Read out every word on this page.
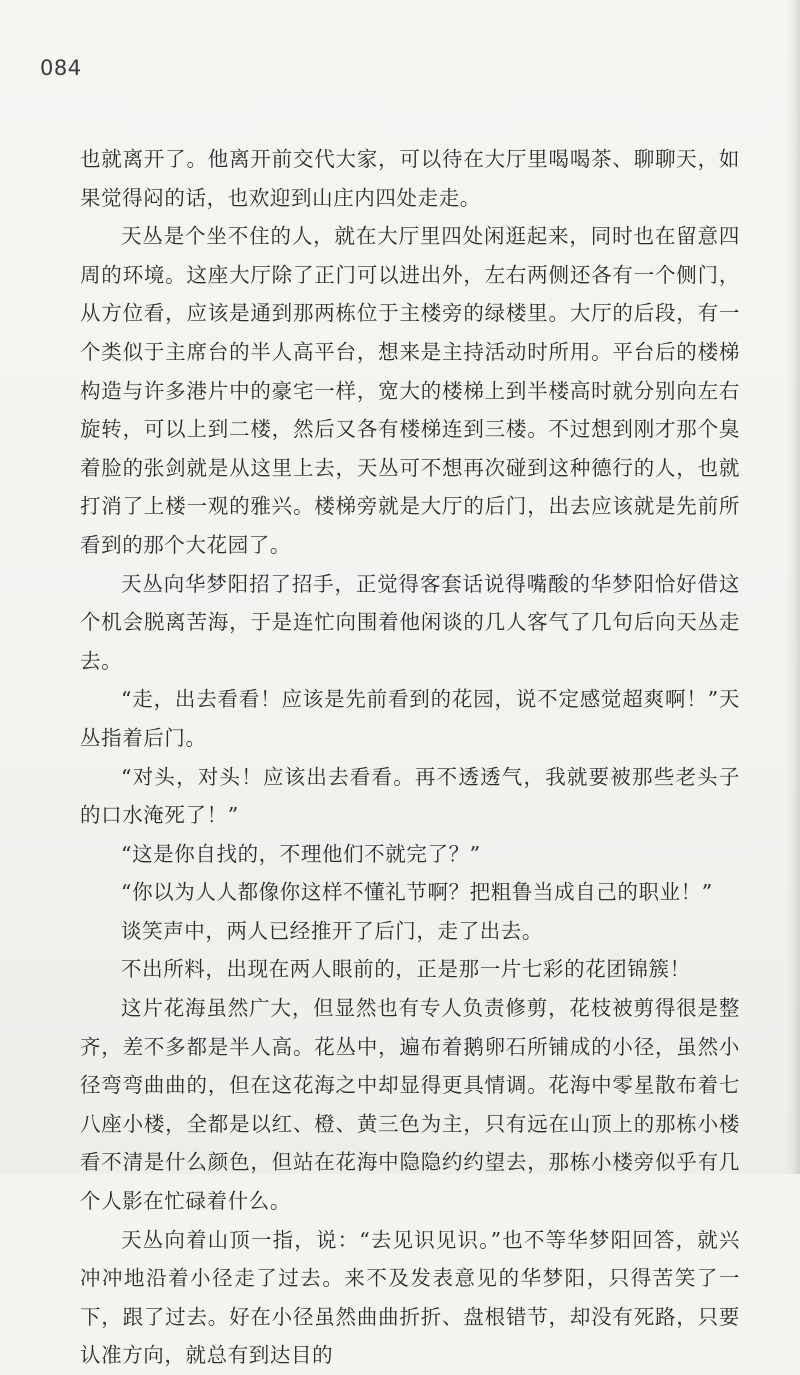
084

也就离开了。他离开前交代大家，可以待在大厅里喝喝茶、聊聊天，如果觉得闷的话，也欢迎到山庄内四处走走。

天丛是个坐不住的人，就在大厅里四处闲逛起来，同时也在留意四周的环境。这座大厅除了正门可以进出外，左右两侧还各有一个侧门，从方位看，应该是通到那两栋位于主楼旁的绿楼里。大厅的后段，有一个类似于主席台的半人高平台，想来是主持活动时所用。平台后的楼梯构造与许多港片中的豪宅一样，宽大的楼梯上到半楼高时就分别向左右旋转，可以上到二楼，然后又各有楼梯连到三楼。不过想到刚才那个臭着脸的张剑就是从这里上去，天丛可不想再次碰到这种德行的人，也就打消了上楼一观的雅兴。楼梯旁就是大厅的后门，出去应该就是先前所看到的那个大花园了。

天丛向华梦阳招了招手，正觉得客套话说得嘴酸的华梦阳恰好借这个机会脱离苦海，于是连忙向围着他闲谈的几人客气了几句后向天丛走去。

“走，出去看看！应该是先前看到的花园，说不定感觉超爽啊！”天丛指着后门。

“对头，对头！应该出去看看。再不透透气，我就要被那些老头子的口水淹死了！”

“这是你自找的，不理他们不就完了？”

“你以为人人都像你这样不懂礼节啊？把粗鲁当成自己的职业！”

谈笑声中，两人已经推开了后门，走了出去。

不出所料，出现在两人眼前的，正是那一片七彩的花团锦簇！

这片花海虽然广大，但显然也有专人负责修剪，花枝被剪得很是整齐，差不多都是半人高。花丛中，遍布着鹅卵石所铺成的小径，虽然小径弯弯曲曲的，但在这花海之中却显得更具情调。花海中零星散布着七八座小楼，全都是以红、橙、黄三色为主，只有远在山顶上的那栋小楼看不清是什么颜色，但站在花海中隐隐约约望去，那栋小楼旁似乎有几个人影在忙碌着什么。

天丛向着山顶一指，说：“去见识见识。”也不等华梦阳回答，就兴冲冲地沿着小径走了过去。来不及发表意见的华梦阳，只得苦笑了一下，跟了过去。好在小径虽然曲曲折折、盘根错节，却没有死路，只要认准方向，就总有到达目的
